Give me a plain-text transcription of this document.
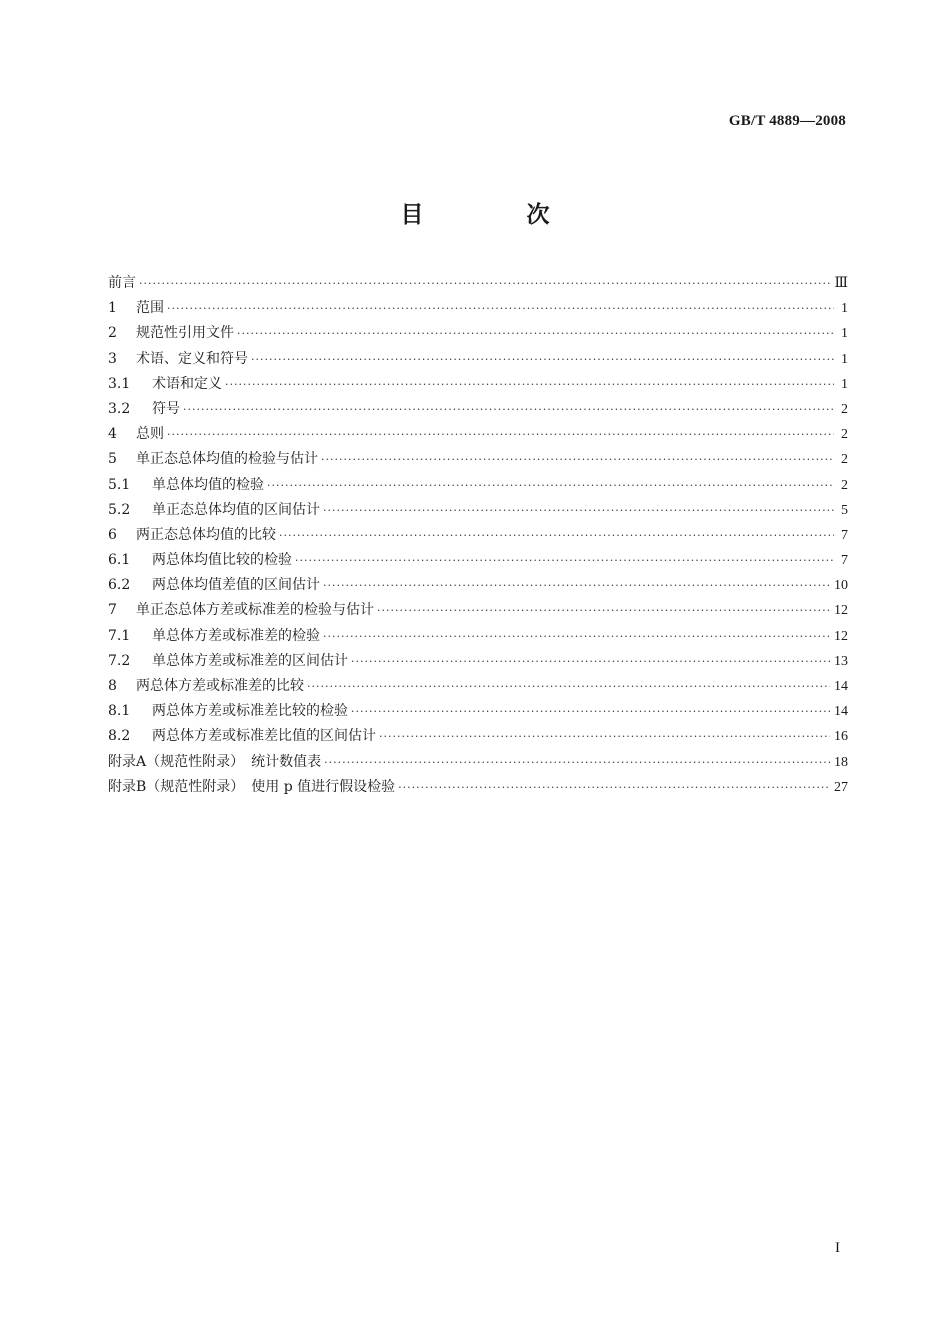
GB/T 4889—2008
目　次
前言 ·····	Ⅲ
1	范围 ·····	1
2	规范性引用文件 ·····	1
3	术语、定义和符号 ·····	1
3.1	术语和定义 ·····	1
3.2	符号 ·····	2
4	总则 ·····	2
5	单正态总体均值的检验与估计 ·····	2
5.1	单总体均值的检验 ·····	2
5.2	单正态总体均值的区间估计 ·····	5
6	两正态总体均值的比较 ·····	7
6.1	两总体均值比较的检验 ·····	7
6.2	两总体均值差值的区间估计 ·····	10
7	单正态总体方差或标准差的检验与估计 ·····	12
7.1	单总体方差或标准差的检验 ·····	12
7.2	单总体方差或标准差的区间估计 ·····	13
8	两总体方差或标准差的比较 ·····	14
8.1	两总体方差或标准差比较的检验 ·····	14
8.2	两总体方差或标准差比值的区间估计 ·····	16
附录A（规范性附录）　统计数值表 ·····	18
附录B（规范性附录）　使用 p 值进行假设检验 ·····	27
I
